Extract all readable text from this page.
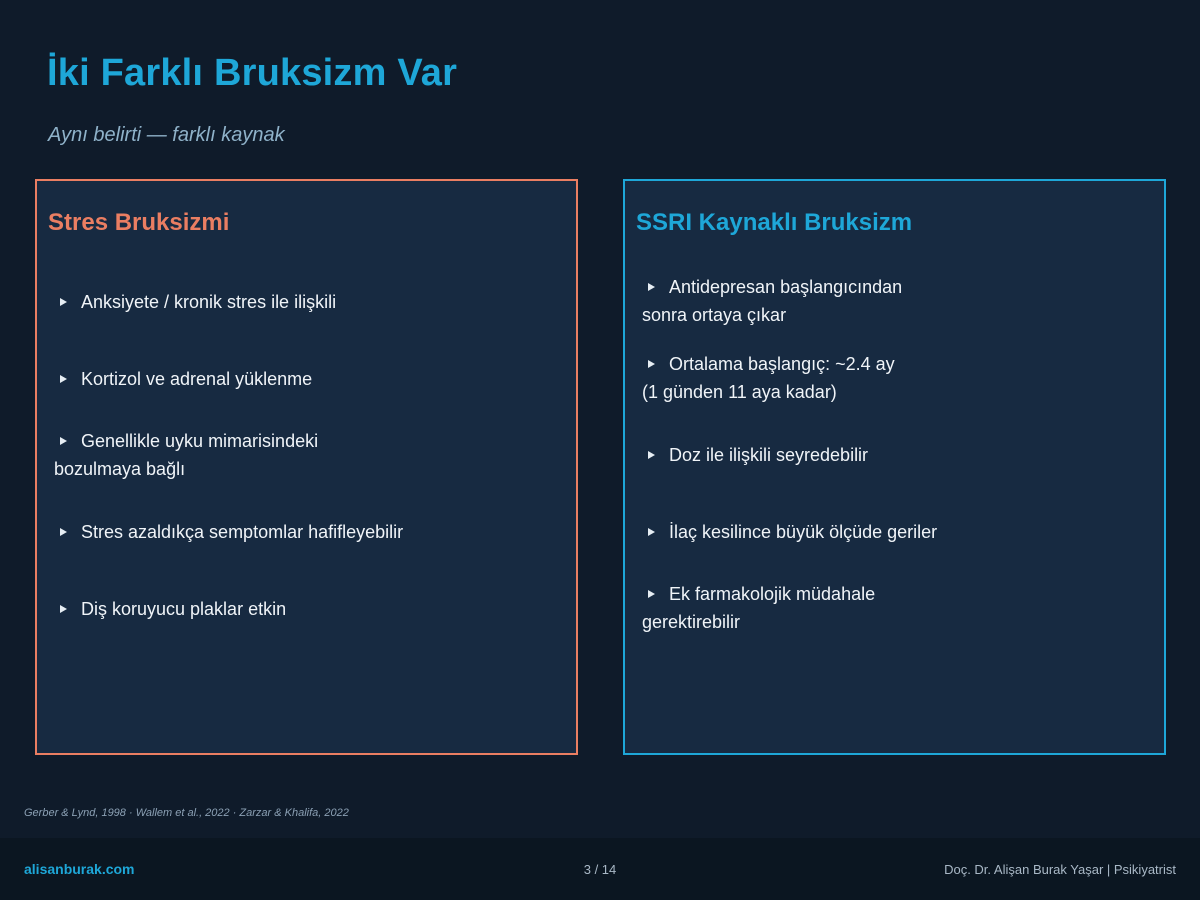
İki Farklı Bruksizm Var
Aynı belirti — farklı kaynak
Stres Bruksizmi
Anksiyete / kronik stres ile ilişkili
Kortizol ve adrenal yüklenme
Genellikle uyku mimarisindeki
bozulmaya bağlı
Stres azaldıkça semptomlar hafifleyebilir
Diş koruyucu plaklar etkin
SSRI Kaynaklı Bruksizm
Antidepresan başlangıcından
sonra ortaya çıkar
Ortalama başlangıç: ~2.4 ay
(1 günden 11 aya kadar)
Doz ile ilişkili seyredebilir
İlaç kesilince büyük ölçüde geriler
Ek farmakolojik müdahale
gerektirebilir
Gerber & Lynd, 1998 · Wallem et al., 2022 · Zarzar & Khalifa, 2022
alisanburak.com	3 / 14	Doç. Dr. Alişan Burak Yaşar | Psikiyatrist
